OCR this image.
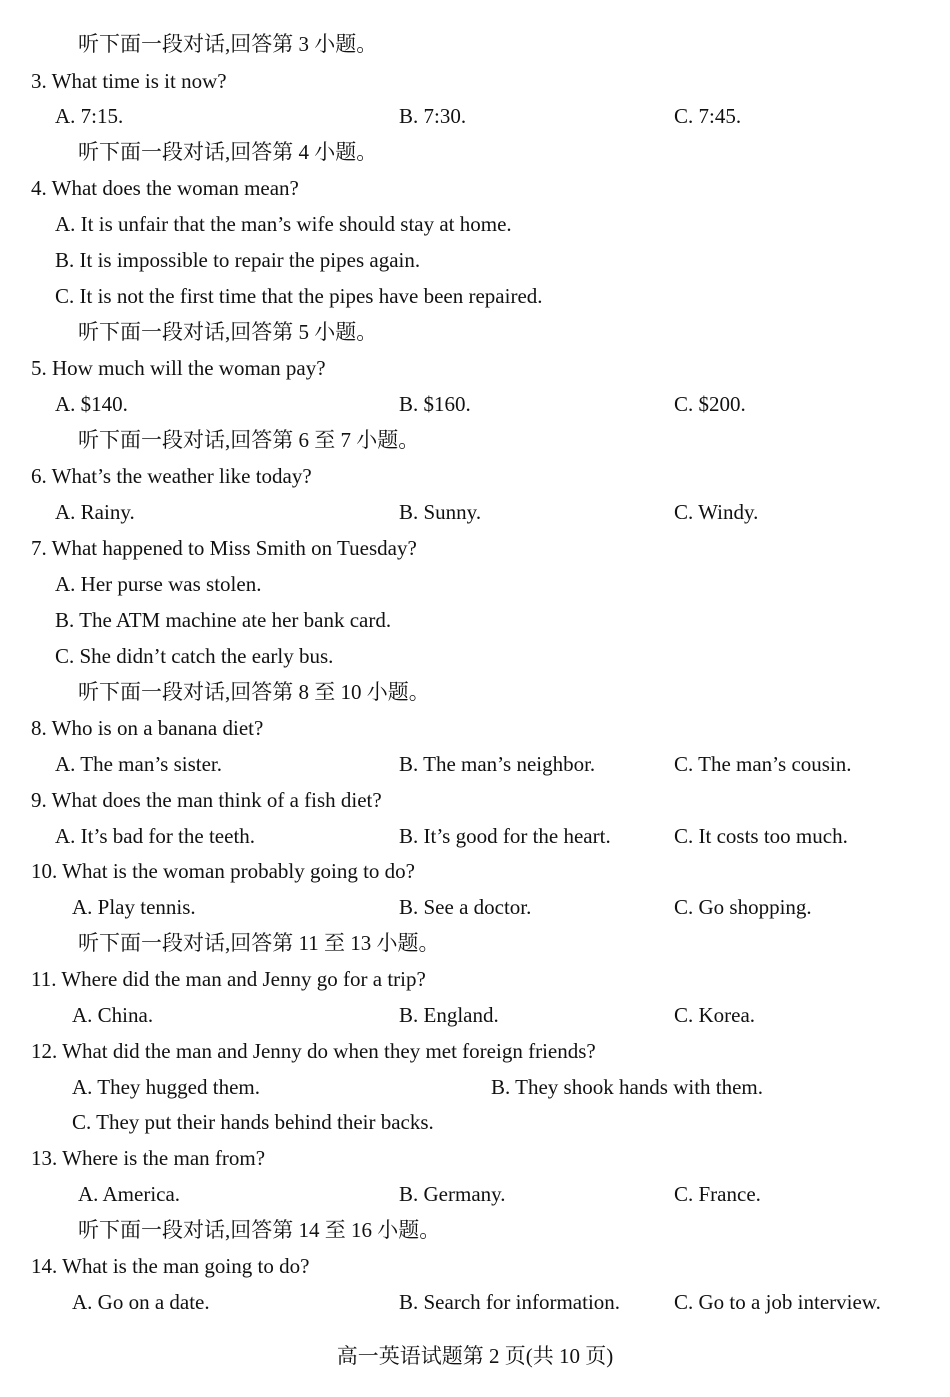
听下面一段对话,回答第 3 小题。
3. What time is it now?
A. 7:15.	B. 7:30.	C. 7:45.
听下面一段对话,回答第 4 小题。
4. What does the woman mean?
A. It is unfair that the man’s wife should stay at home.
B. It is impossible to repair the pipes again.
C. It is not the first time that the pipes have been repaired.
听下面一段对话,回答第 5 小题。
5. How much will the woman pay?
A. $140.	B. $160.	C. $200.
听下面一段对话,回答第 6 至 7 小题。
6. What’s the weather like today?
A. Rainy.	B. Sunny.	C. Windy.
7. What happened to Miss Smith on Tuesday?
A. Her purse was stolen.
B. The ATM machine ate her bank card.
C. She didn’t catch the early bus.
听下面一段对话,回答第 8 至 10 小题。
8. Who is on a banana diet?
A. The man’s sister.	B. The man’s neighbor.	C. The man’s cousin.
9. What does the man think of a fish diet?
A. It’s bad for the teeth.	B. It’s good for the heart.	C. It costs too much.
10. What is the woman probably going to do?
A. Play tennis.	B. See a doctor.	C. Go shopping.
听下面一段对话,回答第 11 至 13 小题。
11. Where did the man and Jenny go for a trip?
A. China.	B. England.	C. Korea.
12. What did the man and Jenny do when they met foreign friends?
A. They hugged them.	B. They shook hands with them.
C. They put their hands behind their backs.
13. Where is the man from?
A. America.	B. Germany.	C. France.
听下面一段对话,回答第 14 至 16 小题。
14. What is the man going to do?
A. Go on a date.	B. Search for information.	C. Go to a job interview.
高一英语试题第 2 页(共 10 页)
